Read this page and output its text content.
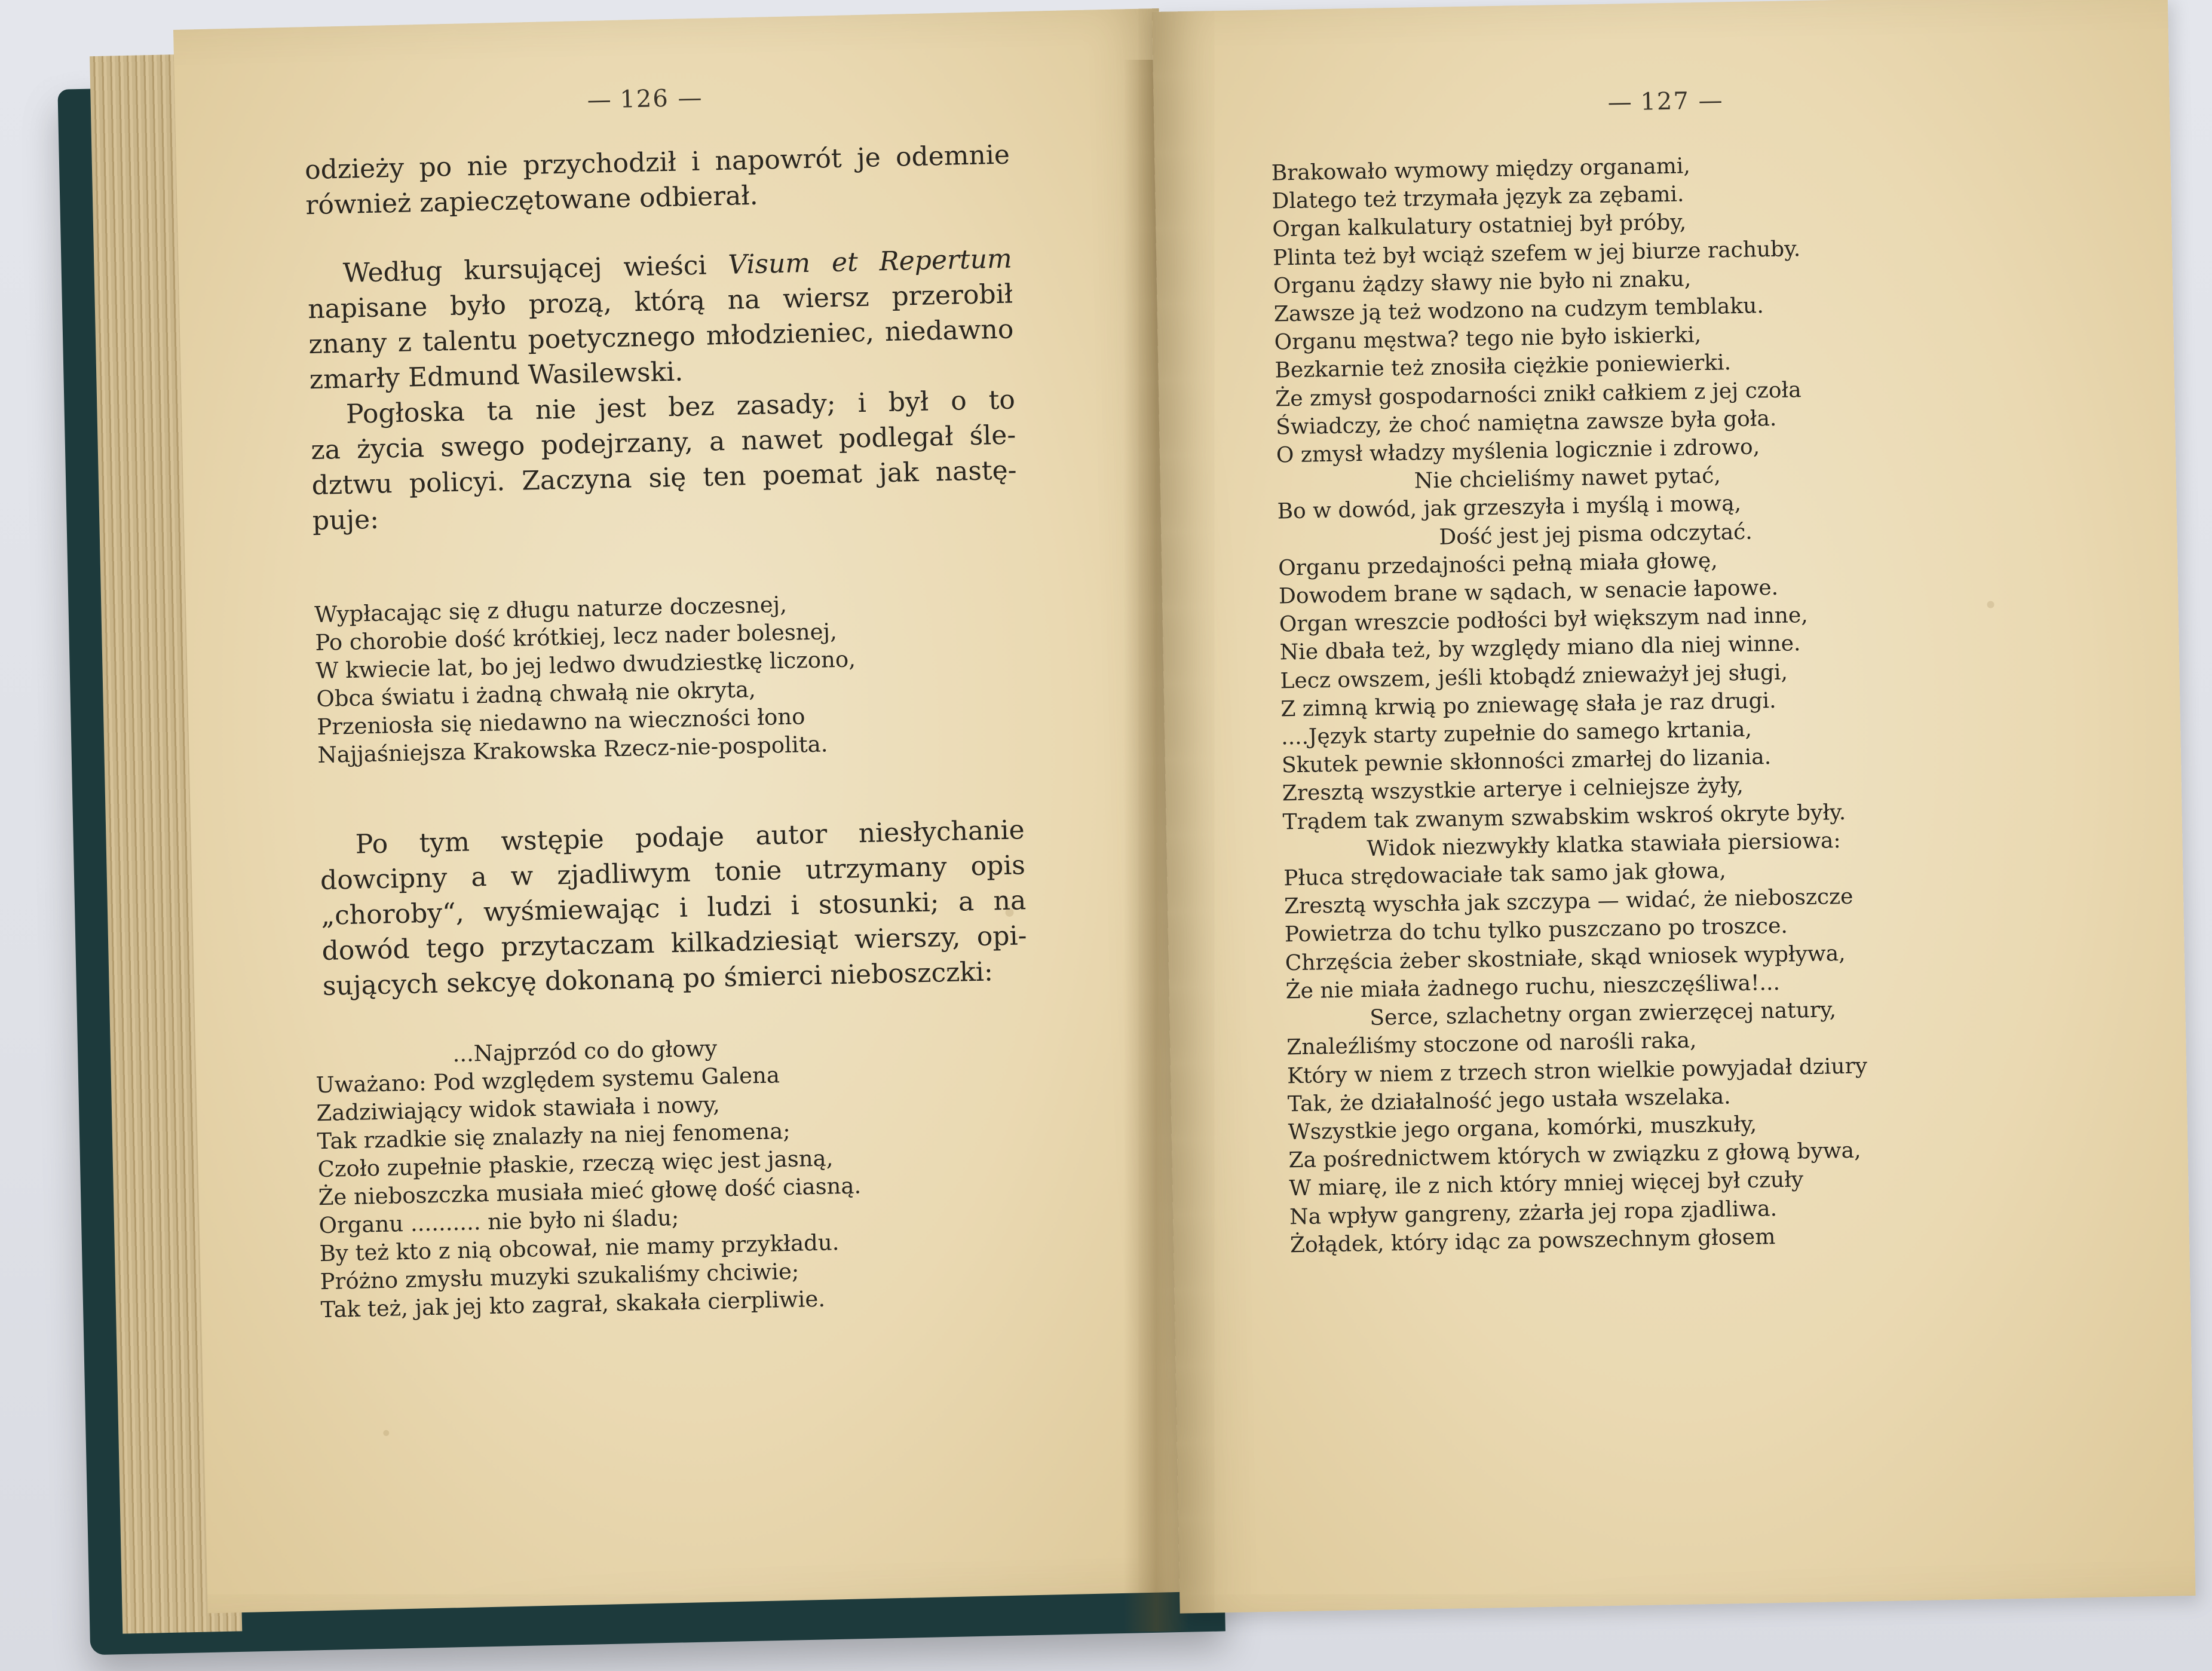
— 126 —
odzieży po nie przychodził i napowrót je odemnie
również zapieczętowane odbierał.
Według kursującej wieści Visum et Repertum
napisane było prozą, którą na wiersz przerobił
znany z talentu poetycznego młodzieniec, niedawno
zmarły Edmund Wasilewski.
Pogłoska ta nie jest bez zasady; i był o to
za życia swego podejrzany, a nawet podlegał śle-
dztwu policyi. Zaczyna się ten poemat jak nastę-
puje:
Wypłacając się z długu naturze doczesnej,
Po chorobie dość krótkiej, lecz nader bolesnej,
W kwiecie lat, bo jej ledwo dwudziestkę liczono,
Obca światu i żadną chwałą nie okryta,
Przeniosła się niedawno na wieczności łono
Najjaśniejsza Krakowska Rzecz-nie-pospolita.
Po tym wstępie podaje autor niesłychanie
dowcipny a w zjadliwym tonie utrzymany opis
„choroby“, wyśmiewając i ludzi i stosunki; a na
dowód tego przytaczam kilkadziesiąt wierszy, opi-
sujących sekcyę dokonaną po śmierci nieboszczki:
...Najprzód co do głowy
Uważano: Pod względem systemu Galena
Zadziwiający widok stawiała i nowy,
Tak rzadkie się znalazły na niej fenomena;
Czoło zupełnie płaskie, rzeczą więc jest jasną,
Że nieboszczka musiała mieć głowę dość ciasną.
Organu .......... nie było ni śladu;
By też kto z nią obcował, nie mamy przykładu.
Próżno zmysłu muzyki szukaliśmy chciwie;
Tak też, jak jej kto zagrał, skakała cierpliwie.
— 127 —
Brakowało wymowy między organami,
Dlatego też trzymała język za zębami.
Organ kalkulatury ostatniej był próby,
Plinta też był wciąż szefem w jej biurze rachuby.
Organu żądzy sławy nie było ni znaku,
Zawsze ją też wodzono na cudzym temblaku.
Organu męstwa? tego nie było iskierki,
Bezkarnie też znosiła ciężkie poniewierki.
Że zmysł gospodarności znikł całkiem z jej czoła
Świadczy, że choć namiętna zawsze była goła.
O zmysł władzy myślenia logicznie i zdrowo,
Nie chcieliśmy nawet pytać,
Bo w dowód, jak grzeszyła i myślą i mową,
Dość jest jej pisma odczytać.
Organu przedajności pełną miała głowę,
Dowodem brane w sądach, w senacie łapowe.
Organ wreszcie podłości był większym nad inne,
Nie dbała też, by względy miano dla niej winne.
Lecz owszem, jeśli ktobądź znieważył jej sługi,
Z zimną krwią po zniewagę słała je raz drugi.
....Język starty zupełnie do samego krtania,
Skutek pewnie skłonności zmarłej do lizania.
Zresztą wszystkie arterye i celniejsze żyły,
Trądem tak zwanym szwabskim wskroś okryte były.
Widok niezwykły klatka stawiała piersiowa:
Płuca strędowaciałe tak samo jak głowa,
Zresztą wyschła jak szczypa — widać, że nieboszcze
Powietrza do tchu tylko puszczano po troszce.
Chrzęścia żeber skostniałe, skąd wniosek wypływa,
Że nie miała żadnego ruchu, nieszczęśliwa!...
Serce, szlachetny organ zwierzęcej natury,
Znaleźliśmy stoczone od narośli raka,
Który w niem z trzech stron wielkie powyjadał dziury
Tak, że działalność jego ustała wszelaka.
Wszystkie jego organa, komórki, muszkuły,
Za pośrednictwem których w związku z głową bywa,
W miarę, ile z nich który mniej więcej był czuły
Na wpływ gangreny, zżarła jej ropa zjadliwa.
Żołądek, który idąc za powszechnym głosem
